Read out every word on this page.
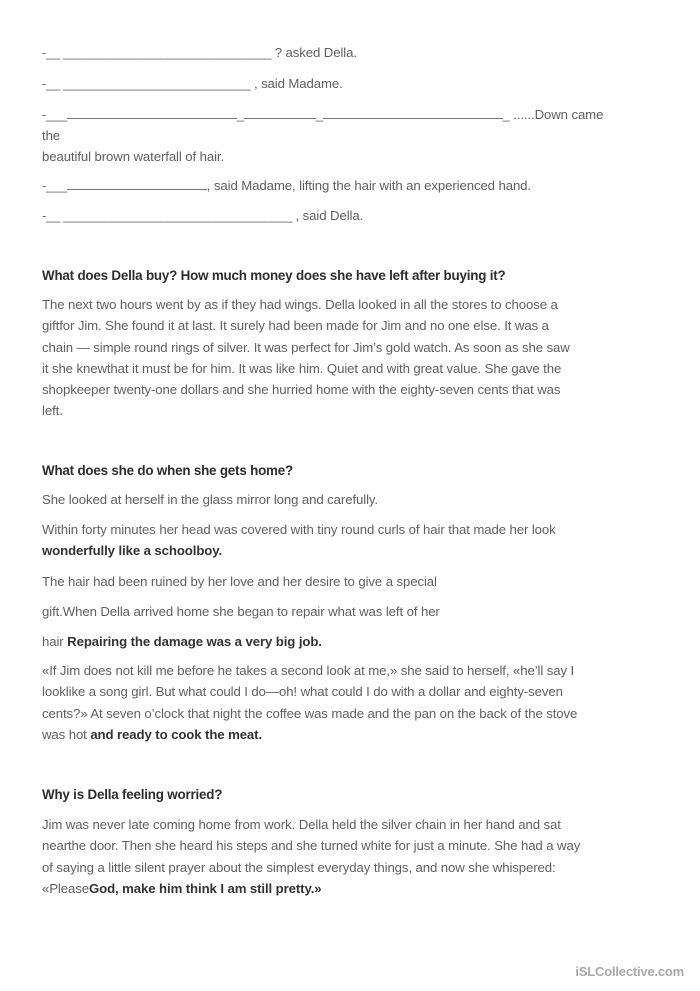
-__ ______________________________ ? asked Della.
-__ ___________________________ , said Madame.
-___	_	_	_ ......Down came
the
beautiful brown waterfall of hair.
-___	, said Madame, lifting the hair with an experienced hand.
-__ _________________________________ , said Della.
What does Della buy? How much money does she have left after buying it?

The next two hours went by as if they had wings. Della looked in all the stores to choose a

giftfor Jim. She found it at last. It surely had been made for Jim and no one else. It was a

chain — simple round rings of silver. It was perfect for Jim’s gold watch. As soon as she saw

it she knewthat it must be for him. It was like him. Quiet and with great value. She gave the

shopkeeper twenty-one dollars and she hurried home with the eighty-seven cents that was

left.

What does she do when she gets home?

She looked at herself in the glass mirror long and carefully.

Within forty minutes her head was covered with tiny round curls of hair that made her look

wonderfully like a schoolboy.

The hair had been ruined by her love and her desire to give a special

gift.When Della arrived home she began to repair what was left of her

hair Repairing the damage was a very big job.

«If Jim does not kill me before he takes a second look at me,» she said to herself, «he’ll say I

looklike a song girl. But what could I do—oh! what could I do with a dollar and eighty-seven

cents?» At seven o’clock that night the coffee was made and the pan on the back of the stove

was hot and ready to cook the meat.

Why is Della feeling worried?

Jim was never late coming home from work. Della held the silver chain in her hand and sat

nearthe door. Then she heard his steps and she turned white for just a minute. She had a way

of saying a little silent prayer about the simplest everyday things, and now she whispered:

«PleaseGod, make him think I am still pretty.»

iSLCollective.com
